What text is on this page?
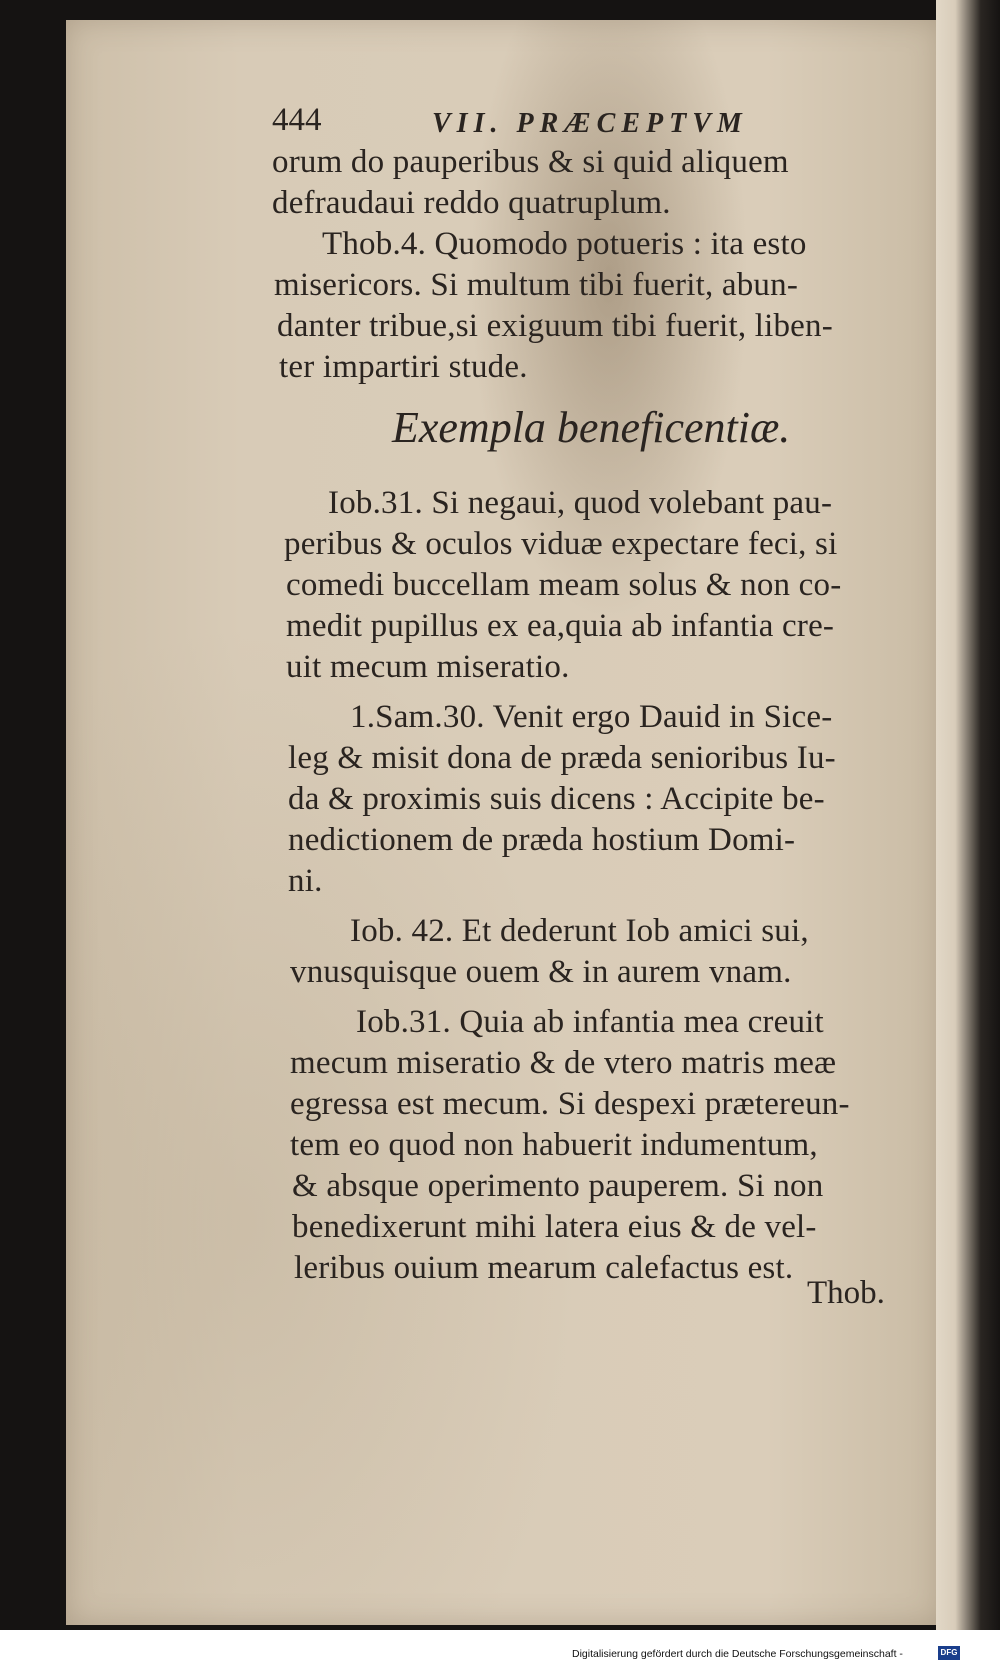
444	VII. PRÆCEPTVM
orum do pauperibus & si quid aliquem
defraudaui reddo quatruplum.
Thob.4. Quomodo potueris : ita esto
misericors. Si multum tibi fuerit, abun-
danter tribue,si exiguum tibi fuerit, liben-
ter impartiri stude.
Exempla beneficentiæ.
Iob.31. Si negaui, quod volebant pau-
peribus & oculos viduæ expectare feci, si
comedi buccellam meam solus & non co-
medit pupillus ex ea,quia ab infantia cre-
uit mecum miseratio.
1.Sam.30. Venit ergo Dauid in Sice-
leg & misit dona de præda senioribus Iu-
da & proximis suis dicens : Accipite be-
nedictionem de præda hostium Domi-
ni.
Iob. 42. Et dederunt Iob amici sui,
vnusquisque ouem & in aurem vnam.
Iob.31. Quia ab infantia mea creuit
mecum miseratio & de vtero matris meæ
egressa est mecum. Si despexi prætereun-
tem eo quod non habuerit indumentum,
& absque operimento pauperem. Si non
benedixerunt mihi latera eius & de vel-
leribus ouium mearum calefactus est.
Thob.
Digitalisierung gefördert durch die Deutsche Forschungsgemeinschaft -	DFG
